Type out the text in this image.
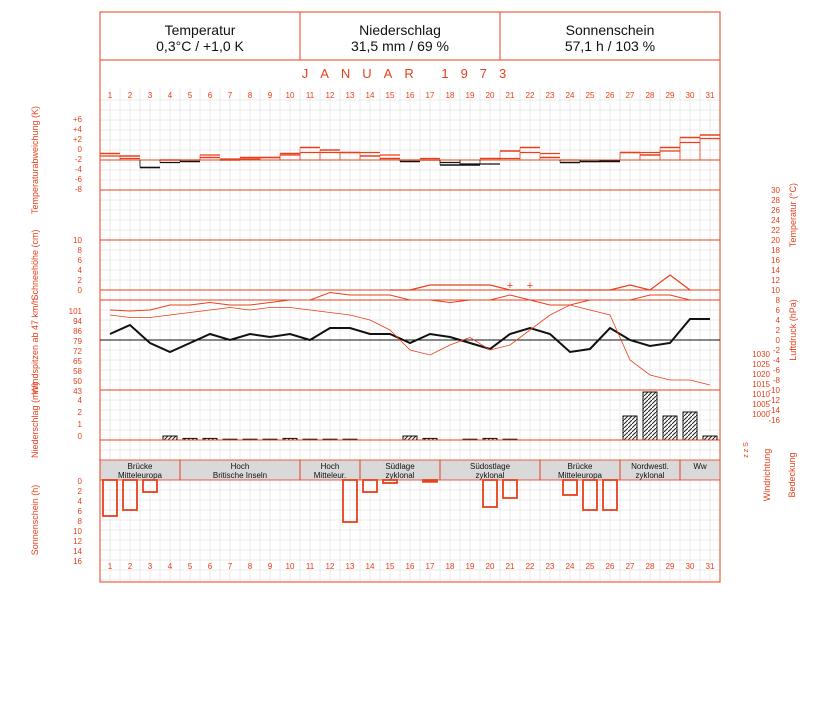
1
1
2
2
3
3
4
4
5
5
6
6
7
7
8
8
9
9
10
10
11
11
12
12
13
13
14
14
15
15
16
16
17
17
18
18
19
19
20
20
21
21
22
22
23
23
24
24
25
25
26
26
27
27
28
28
29
29
30
30
31
31
+6
+4
+2
0
-2
-4
-6
-8
Temperaturabweichung (K)	30
28
26
24
22
20
18
16
14
12
10
8
6
4
2
0
-2
-4
-6
-8
-10
-12
-14
-16
Temperatur (°C)
10
8
6
4
2
0
Schneehöhe (cm)	+ +
101
94
86
79
72
65
58
50
43
1030
1025
1020
1015
1010
1005
1000
Windspitzen ab 47 km/h	Luftdruck (hPa)
4
2
1
0
Niederschlag (mm)
Windrichtung Bedeckung
z z S
Brücke
Mitteleuropa
Hoch
Britische Inseln
Hoch
Mitteleur.
Südlage
zyklonal
Südostlage
zyklonal
Brücke
Mitteleuropa
Nordwestl.
zyklonal
Ww
0
2
4
6
8
10
12
14
16
Sonnenschein (h)
Temperatur
0,3°C / +1,0 K
Niederschlag
31,5 mm / 69 %
Sonnenschein
57,1 h / 103 %
JANUAR 1973
